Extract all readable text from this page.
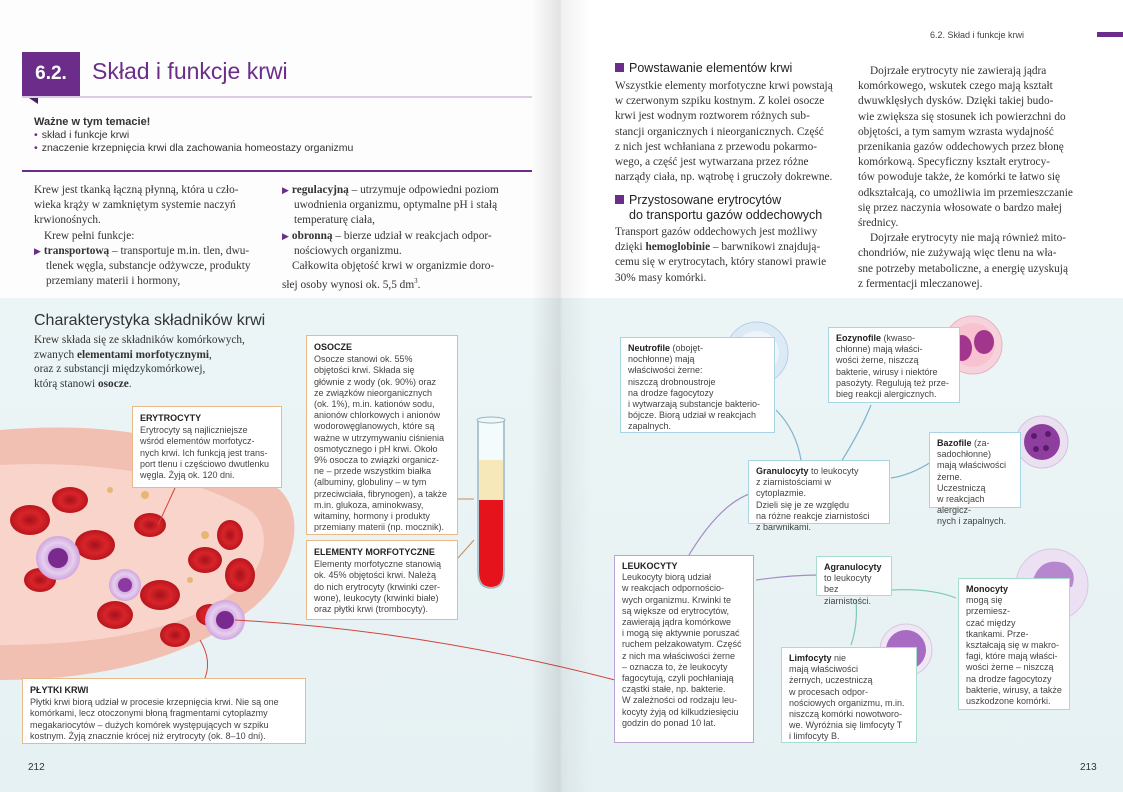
6.2.	Skład i funkcje krwi
Ważne w tym temacie!
• skład i funkcje krwi
• znaczenie krzepnięcia krwi dla zachowania homeostazy organizmu
Krew jest tkanką łączną płynną, która u czło-
wieka krąży w zamkniętym systemie naczyń
krwionośnych.
Krew pełni funkcje:
▶ transportową – transportuje m.in. tlen, dwu-
tlenek węgla, substancje odżywcze, produkty
przemiany materii i hormony,
▶ regulacyjną – utrzymuje odpowiedni poziom
uwodnienia organizmu, optymalne pH i stałą
temperaturę ciała,
▶ obronną – bierze udział w reakcjach odpor-
nościowych organizmu.
Całkowita objętość krwi w organizmie doro-
słej osoby wynosi ok. 5,5 $dm^3$.
6.2. Skład i funkcje krwi
Powstawanie elementów krwi
Wszystkie elementy morfotyczne krwi powstają
w czerwonym szpiku kostnym. Z kolei osocze
krwi jest wodnym roztworem różnych sub-
stancji organicznych i nieorganicznych. Część
z nich jest wchłaniana z przewodu pokarmo-
wego, a część jest wytwarzana przez różne
narządy ciała, np. wątrobę i gruczoły dokrewne.
Przystosowane erytrocytów
do transportu gazów oddechowych
Transport gazów oddechowych jest możliwy
dzięki hemoglobinie – barwnikowi znajdują-
cemu się w erytrocytach, który stanowi prawie
30% masy komórki.
Dojrzałe erytrocyty nie zawierają jądra
komórkowego, wskutek czego mają kształt
dwuwklęsłych dysków. Dzięki takiej budo-
wie zwiększa się stosunek ich powierzchni do
objętości, a tym samym wzrasta wydajność
przenikania gazów oddechowych przez błonę
komórkową. Specyficzny kształt erytrocy-
tów powoduje także, że komórki te łatwo się
odkształcają, co umożliwia im przemieszczanie
się przez naczynia włosowate o bardzo małej
średnicy.
Dojrzałe erytrocyty nie mają również mito-
chondriów, nie zużywają więc tlenu na wła-
sne potrzeby metaboliczne, a energię uzyskują
z fermentacji mleczanowej.
Charakterystyka składników krwi
Krew składa się ze składników komórkowych,
zwanych elementami morfotycznymi,
oraz z substancji międzykomórkowej,
którą stanowi osocze.
ERYTROCYTY
Erytrocyty są najliczniejsze
wśród elementów morfotycz-
nych krwi. Ich funkcją jest trans-
port tlenu i częściowo dwutlenku
węgla. Żyją ok. 120 dni.
OSOCZE
Osocze stanowi ok. 55%
objętości krwi. Składa się
głównie z wody (ok. 90%) oraz
ze związków nieorganicznych
(ok. 1%), m.in. kationów sodu,
anionów chlorkowych i anionów
wodorowęglanowych, które są
ważne w utrzymywaniu ciśnienia
osmotycznego i pH krwi. Około
9% osocza to związki organicz-
ne – przede wszystkim białka
(albuminy, globuliny – w tym
przeciwciała, fibrynogen), a także
m.in. glukoza, aminokwasy,
witaminy, hormony i produkty
przemiany materii (np. mocznik).
ELEMENTY MORFOTYCZNE
Elementy morfotyczne stanowią
ok. 45% objętości krwi. Należą
do nich erytrocyty (krwinki czer-
wone), leukocyty (krwinki białe)
oraz płytki krwi (trombocyty).
PŁYTKI KRWI
Płytki krwi biorą udział w procesie krzepnięcia krwi. Nie są one
komórkami, lecz otoczonymi błoną fragmentami cytoplazmy
megakariocytów – dużych komórek występujących w szpiku
kostnym. Żyją znacznie krócej niż erytrocyty (ok. 8–10 dni).
212
Neutrofile (obojęt-
nochłonne) mają
właściwości żerne:
niszczą drobnoustroje
na drodze fagocytozy
i wytwarzają substancje bakterio-
bójcze. Biorą udział w reakcjach
zapalnych.
Eozynofile (kwaso-
chłonne) mają właści-
wości żerne, niszczą
bakterie, wirusy i niektóre
pasożyty. Regulują też prze-
bieg reakcji alergicznych.
Bazofile (za-
sadochłonne)
mają właściwości
żerne. Uczestniczą
w reakcjach alergicz-
nych i zapalnych.
Granulocyty to leukocyty
z ziarnistościami w cytoplazmie.
Dzieli się je ze względu
na różne reakcje ziarnistości
z barwnikami.
LEUKOCYTY
Leukocyty biorą udział
w reakcjach odpornościo-
wych organizmu. Krwinki te
są większe od erytrocytów,
zawierają jądra komórkowe
i mogą się aktywnie poruszać
ruchem pełzakowatym. Część
z nich ma właściwości żerne
– oznacza to, że leukocyty
fagocytują, czyli pochłaniają
cząstki stałe, np. bakterie.
W zależności od rodzaju leu-
kocyty żyją od kilkudziesięciu
godzin do ponad 10 lat.
Agranulocyty
to leukocyty
bez ziarnistości.
Monocyty
mogą się
przemiesz-
czać między
tkankami. Prze-
kształcają się w makro-
fagi, które mają właści-
wości żerne – niszczą
na drodze fagocytozy
bakterie, wirusy, a także
uszkodzone komórki.
Limfocyty nie
mają właściwości
żernych, uczestniczą
w procesach odpor-
nościowych organizmu, m.in.
niszczą komórki nowotworo-
we. Wyróżnia się limfocyty T
i limfocyty B.
213
